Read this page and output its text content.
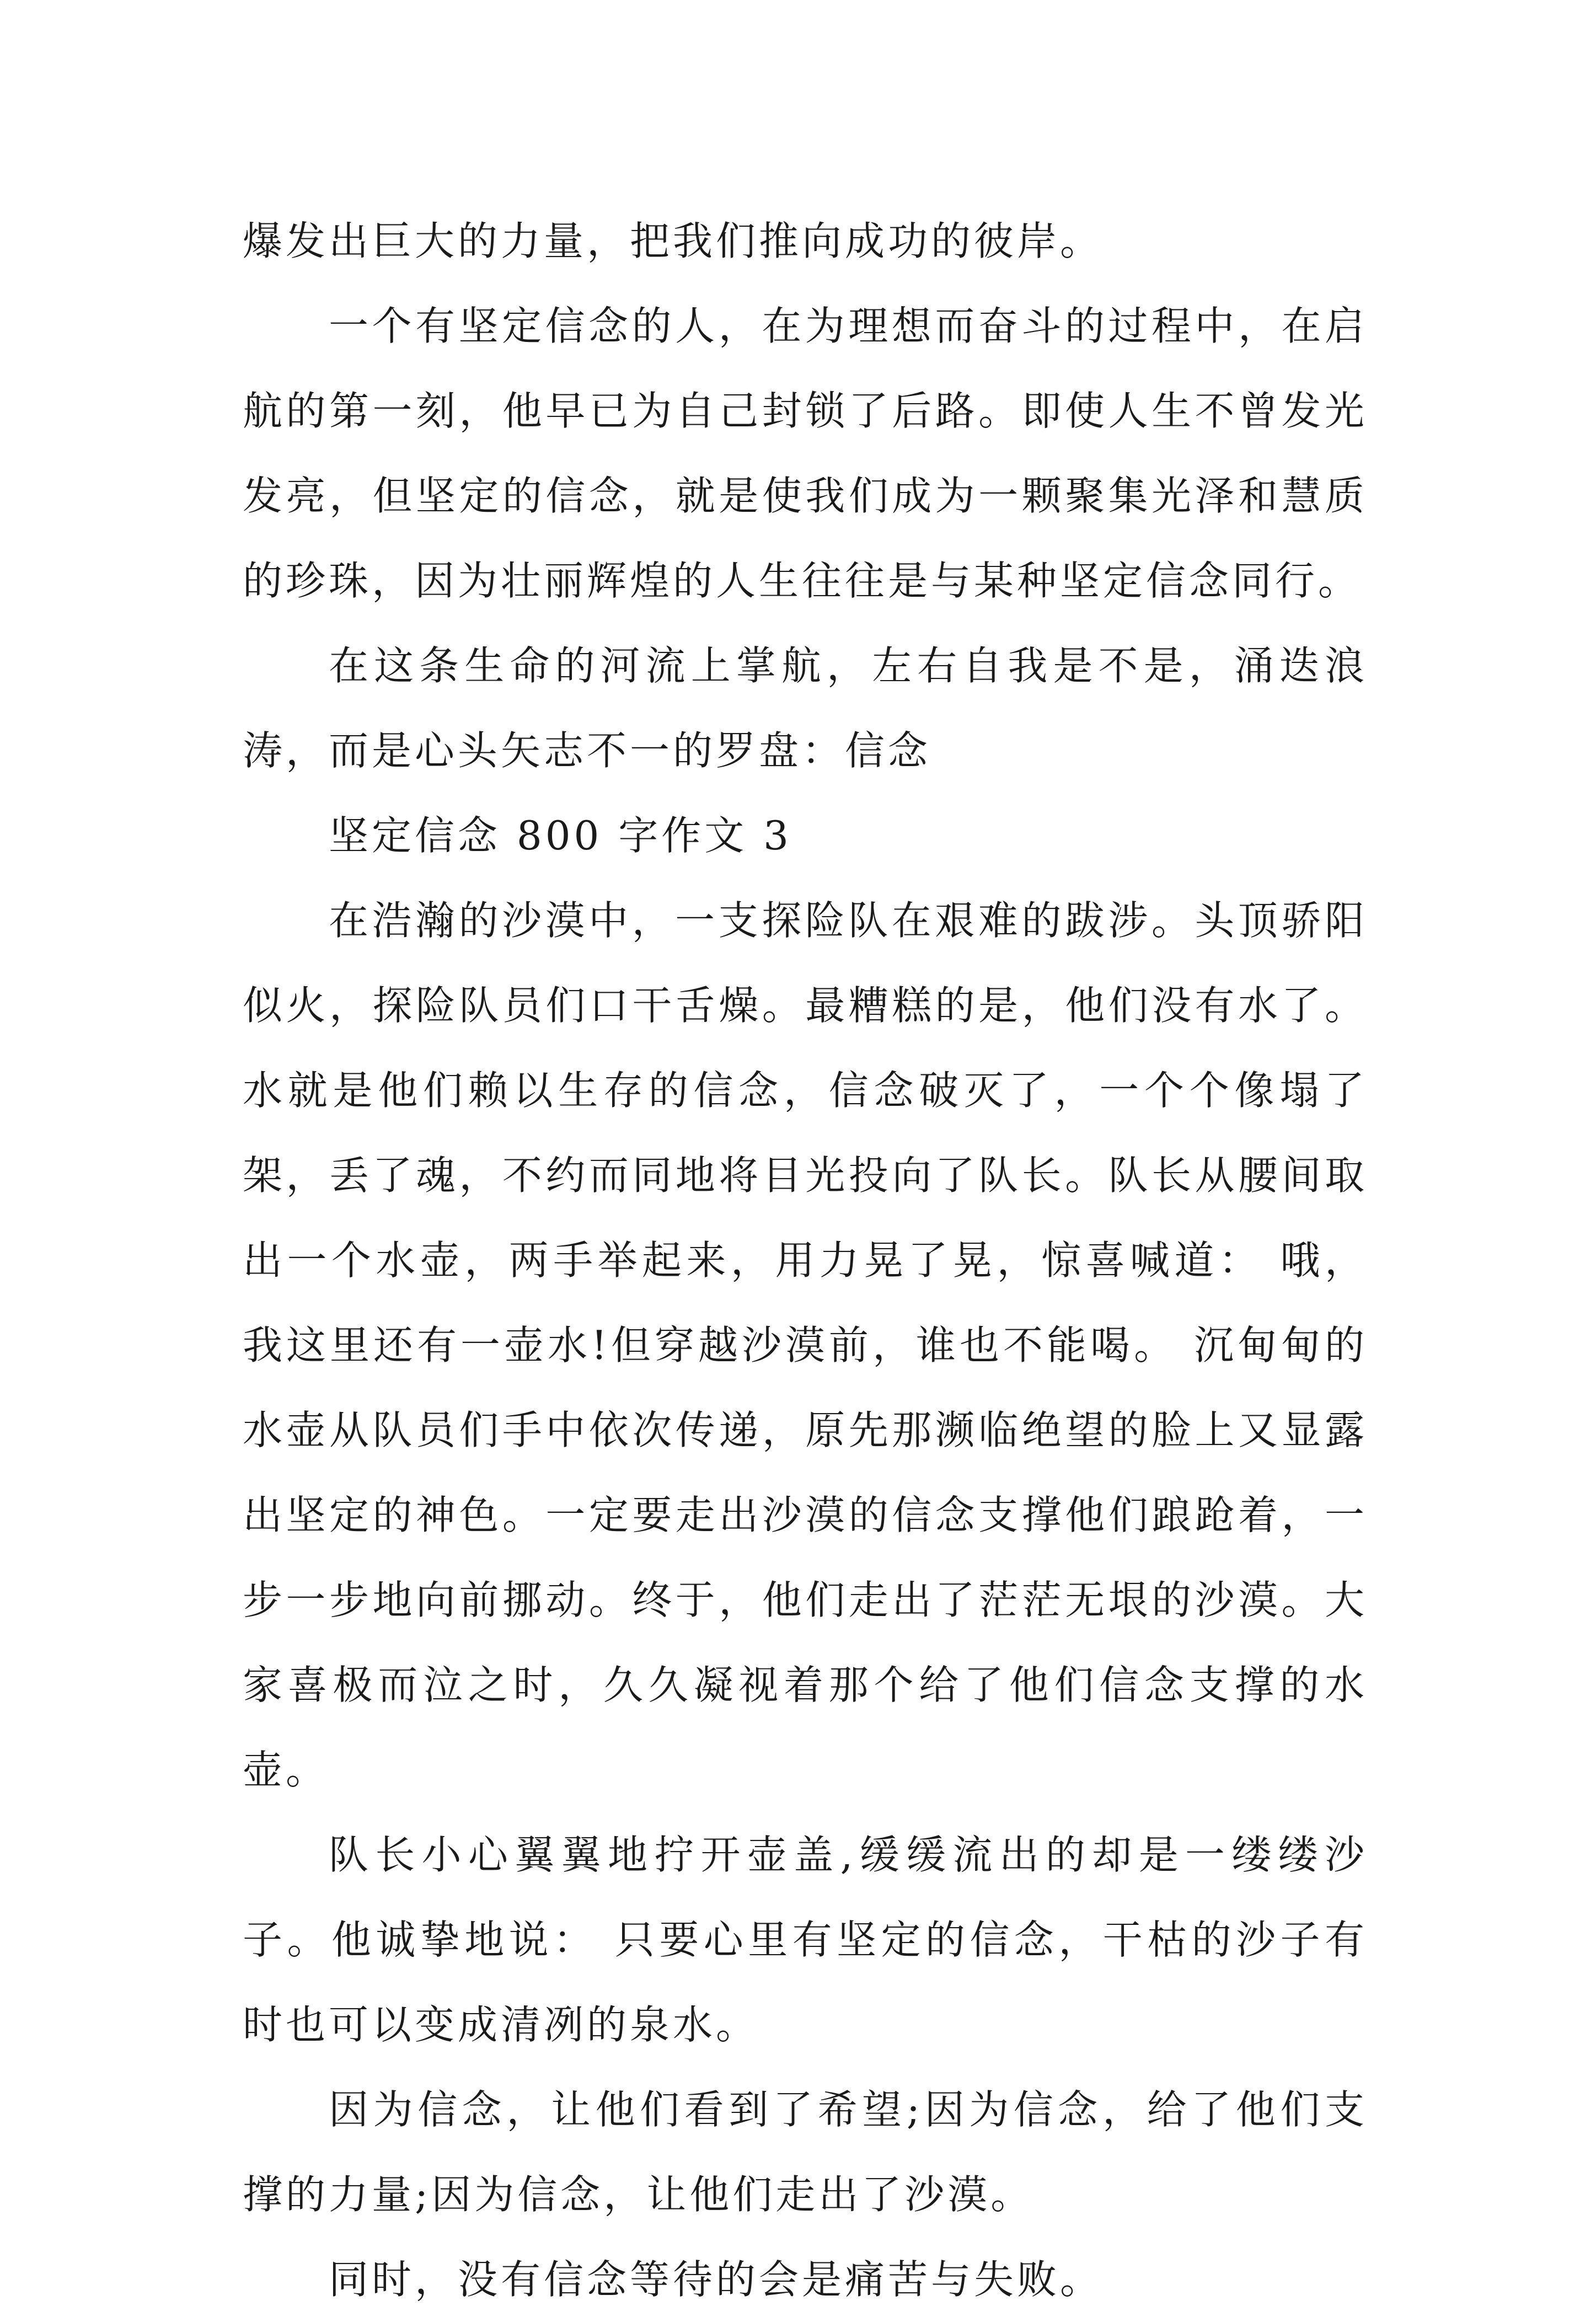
爆发出巨大的力量，把我们推向成功的彼岸。

一个有坚定信念的人，在为理想而奋斗的过程中，在启航的第一刻，他早已为自己封锁了后路。即使人生不曾发光发亮，但坚定的信念，就是使我们成为一颗聚集光泽和慧质的珍珠，因为壮丽辉煌的人生往往是与某种坚定信念同行。

在这条生命的河流上掌航，左右自我是不是，涌迭浪涛，而是心头矢志不一的罗盘：信念

坚定信念 800 字作文 3

在浩瀚的沙漠中，一支探险队在艰难的跋涉。头顶骄阳似火，探险队员们口干舌燥。最糟糕的是，他们没有水了。水就是他们赖以生存的信念，信念破灭了，一个个像塌了架，丢了魂，不约而同地将目光投向了队长。队长从腰间取出一个水壶，两手举起来，用力晃了晃，惊喜喊道： 哦，我这里还有一壶水!但穿越沙漠前，谁也不能喝。 沉甸甸的水壶从队员们手中依次传递，原先那濒临绝望的脸上又显露出坚定的神色。一定要走出沙漠的信念支撑他们踉跄着，一步一步地向前挪动。终于，他们走出了茫茫无垠的沙漠。大家喜极而泣之时，久久凝视着那个给了他们信念支撑的水壶。

队长小心翼翼地拧开壶盖,缓缓流出的却是一缕缕沙子。他诚挚地说： 只要心里有坚定的信念，干枯的沙子有时也可以变成清冽的泉水。

因为信念，让他们看到了希望;因为信念，给了他们支撑的力量;因为信念，让他们走出了沙漠。

同时，没有信念等待的会是痛苦与失败。
